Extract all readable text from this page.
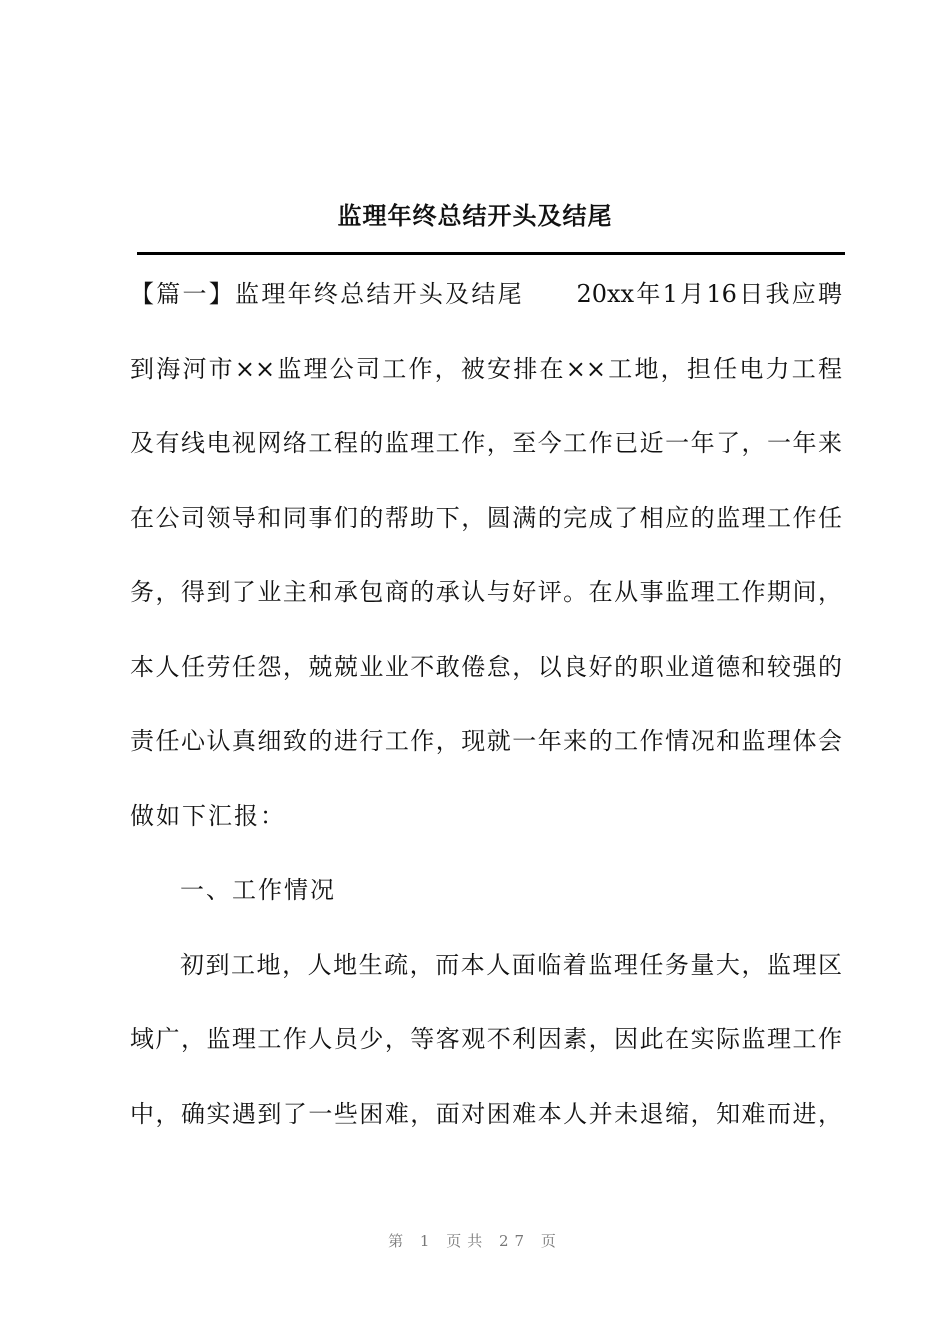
监理年终总结开头及结尾
【篇一】监理年终总结开头及结尾　　20xx年1月16日我应聘
到海河市××监理公司工作，被安排在××工地，担任电力工程
及有线电视网络工程的监理工作，至今工作已近一年了，一年来
在公司领导和同事们的帮助下，圆满的完成了相应的监理工作任
务，得到了业主和承包商的承认与好评。在从事监理工作期间，
本人任劳任怨，兢兢业业不敢倦怠，以良好的职业道德和较强的
责任心认真细致的进行工作，现就一年来的工作情况和监理体会
做如下汇报：
一、工作情况
初到工地，人地生疏，而本人面临着监理任务量大，监理区
域广，监理工作人员少，等客观不利因素，因此在实际监理工作
中，确实遇到了一些困难，面对困难本人并未退缩，知难而进，
第 1 页共 27 页
